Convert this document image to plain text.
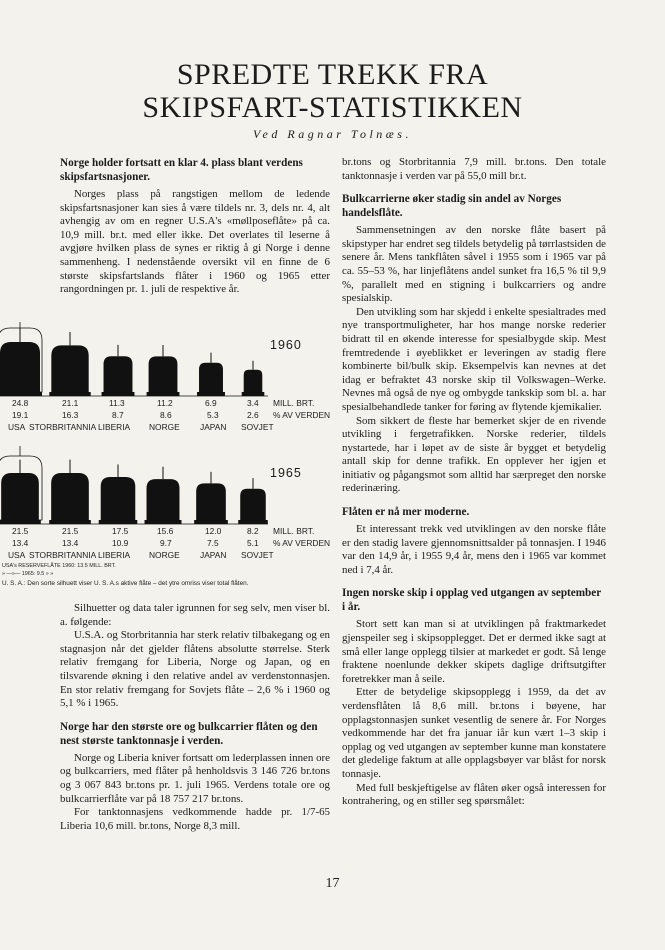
SPREDTE TREKK FRA
SKIPSFART-STATISTIKKEN
Ved Ragnar Tolnæs.
Norge holder fortsatt en klar 4. plass blant verdens skipsfartsnasjoner.

Norges plass på rangstigen mellom de ledende skipsfartsnasjoner kan sies å være tildels nr. 3, dels nr. 4, alt avhengig av om en regner U.S.A's «møllposeflåte» på ca. 10,9 mill. br.t. med eller ikke. Det overlates til leserne å avgjøre hvilken plass de synes er riktig å gi Norge i denne sammenheng. I nedenstående oversikt vil en finne de 6 største skipsfartslands flåter i 1960 og 1965 etter rangordningen pr. 1. juli de respektive år.

1960
1965
24.8	21.1	11.3	11.2	6.9	3.4 MILL. BRT.
19.1	16.3	8.7	8.6	5.3	2.6 % AV VERDEN
USA STORBRITANNIA LIBERIA NORGE JAPAN SOVJET
21.5	21.5	17.5	15.6	12.0	8.2 MILL. BRT.
13.4	13.4	10.9	9.7	7.5	5.1 % AV VERDEN
USA STORBRITANNIA LIBERIA NORGE JAPAN SOVJET
USA's RESERVEFLÅTE 1960: 13.5 MILL. BRT.
» —»— 1965: 9.5 » »
U. S. A.: Den sorte silhuett viser U. S. A.s aktive flåte – det ytre omriss viser total flåten.

Silhuetter og data taler igrunnen for seg selv, men viser bl. a. følgende:

U.S.A. og Storbritannia har sterk relativ tilbakegang og en stagnasjon når det gjelder flåtens absolutte størrelse. Sterk relativ fremgang for Liberia, Norge og Japan, og en tilsvarende økning i den relative andel av verdenstonnasjen. En stor relativ fremgang for Sovjets flåte – 2,6 % i 1960 og 5,1 % i 1965.

Norge har den største ore og bulkcarrier flåten og den nest største tanktonnasje i verden.

Norge og Liberia kniver fortsatt om lederplassen innen ore og bulkcarriers, med flåter på henholdsvis 3 146 726 br.tons og 3 067 843 br.tons pr. 1. juli 1965. Verdens totale ore og bulkcarrierflåte var på 18 757 217 br.tons.

For tanktonnasjens vedkommende hadde pr. 1/7-65 Liberia 10,6 mill. br.tons, Norge 8,3 mill.

br.tons og Storbritannia 7,9 mill. br.tons. Den totale tanktonnasje i verden var på 55,0 mill br.t.

Bulkcarrierne øker stadig sin andel av Norges handelsflåte.

Sammensetningen av den norske flåte basert på skipstyper har endret seg tildels betydelig på tørrlastsiden de senere år. Mens tankflåten såvel i 1955 som i 1965 var på ca. 55–53 %, har linjeflåtens andel sunket fra 16,5 % til 9,9 %, parallelt med en stigning i bulkcarriers og andre spesialskip.

Den utvikling som har skjedd i enkelte spesialtrades med nye transportmuligheter, har hos mange norske rederier bidratt til en økende interesse for spesialbygde skip. Mest fremtredende i øyeblikket er leveringen av stadig flere kombinerte bil/bulk skip. Eksempelvis kan nevnes at det idag er befraktet 43 norske skip til Volkswagen–Werke. Nevnes må også de nye og ombygde tankskip som bl. a. har spesialbehandlede tanker for føring av flytende kjemikalier.

Som sikkert de fleste har bemerket skjer de en rivende utvikling i fergetrafikken. Norske rederier, tildels nystartede, har i løpet av de siste år bygget et betydelig antall skip for denne trafikk. En opplever her igjen et initiativ og pågangsmot som alltid har særpreget den norske rederinæring.

Flåten er nå mer moderne.

Et interessant trekk ved utviklingen av den norske flåte er den stadig lavere gjennomsnittsalder på tonnasjen. I 1946 var den 14,9 år, i 1955 9,4 år, mens den i 1965 var kommet ned i 7,4 år.

Ingen norske skip i opplag ved utgangen av september i år.

Stort sett kan man si at utviklingen på fraktmarkedet gjenspeiler seg i skipsopplegget. Det er dermed ikke sagt at små eller lange opplegg tilsier at markedet er godt. Så lenge fraktene noenlunde dekker skipets daglige driftsutgifter foretrekker man å seile.

Etter de betydelige skipsopplegg i 1959, da det av verdensflåten lå 8,6 mill. br.tons i bøyene, har opplagstonnasjen sunket vesentlig de senere år. For Norges vedkommende har det fra januar iår kun vært 1–3 skip i opplag og ved utgangen av september kunne man konstatere det gledelige faktum at alle opplagsbøyer var blåst for norsk tonnasje.

Med full beskjeftigelse av flåten øker også interessen for kontrahering, og en stiller seg spørsmålet:

17
